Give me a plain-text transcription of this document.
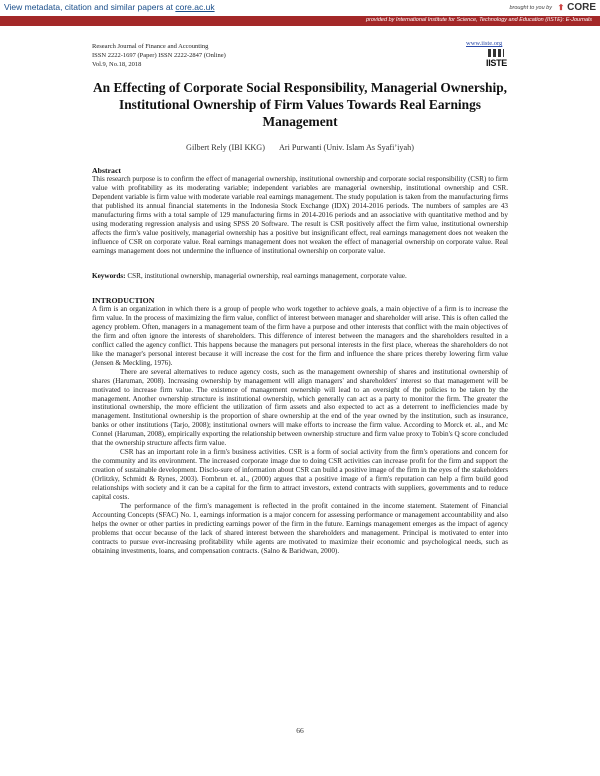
View metadata, citation and similar papers at core.ac.uk	brought to you by ⬆ CORE
provided by International Institute for Science, Technology and Education (IISTE): E-Journals
Research Journal of Finance and Accounting
ISSN 2222-1697 (Paper) ISSN 2222-2847 (Online)
Vol.9, No.18, 2018
www.iiste.org
IISTE
An Effecting of Corporate Social Responsibility, Managerial Ownership, Institutional Ownership of Firm Values Towards Real Earnings Management
Gilbert Rely (IBI KKG) Ari Purwanti (Univ. Islam As Syafi’iyah)
Abstract
This research purpose is to confirm the effect of managerial ownership, institutional ownership and corporate social responsibility (CSR) to firm value with profitability as its moderating variable; independent variables are managerial ownership, institutional ownership and CSR. Dependent variable is firm value with moderate variable real earnings management. The study population is taken from the manufacturing firms that published its annual financial statements in the Indonesia Stock Exchange (IDX) 2014-2016 periods. The numbers of samples are 43 manufacturing firms with a total sample of 129 manufacturing firms in 2014-2016 periods and an associative with quantitative method and by using moderating regression analysis and using SPSS 20 Software. The result is CSR positively affect the firm value, institutional ownership affects the firm's value positively, managerial ownership has a positive but insignificant effect, real earnings management does not weaken the influence of CSR on corporate value. Real earnings management does not weaken the effect of managerial ownership on corporate value. Real earnings management does not undermine the influence of institutional ownership on corporate value.
Keywords: CSR, institutional ownership, managerial ownership, real earnings management, corporate value.
INTRODUCTION

A firm is an organization in which there is a group of people who work together to achieve goals, a main objective of a firm is to increase the firm value. In the process of maximizing the firm value, conflict of interest between manager and shareholder will arise. This is often called the agency problem. Often, managers in a management team of the firm have a purpose and other interests that conflict with the main objectives of the firm and often ignore the interests of shareholders. This difference of interest between the managers and the shareholders resulted in a conflict called the agency conflict. This happens because the managers put personal interests in the first place, whereas the shareholders do not like the manager's personal interest because it will increase the cost for the firm and influence the share prices thereby lowering firm value (Jensen & Meckling, 1976).

There are several alternatives to reduce agency costs, such as the management ownership of shares and institutional ownership of shares (Haruman, 2008). Increasing ownership by management will align managers' and shareholders' interest so that management will be motivated to increase firm value. The existence of management ownership will lead to an oversight of the policies to be taken by the management. Another ownership structure is institutional ownership, which generally can act as a party to monitor the firm. The greater the institutional ownership, the more efficient the utilization of firm assets and also expected to act as a deterrent to inefficiencies made by management. Institutional ownership is the proportion of share ownership at the end of the year owned by the institution, such as insurance, banks or other institutions (Tarjo, 2008); institutional owners will make efforts to increase the firm value. According to Morck et. al., and Mc Connel (Haruman, 2008), empirically exporting the relationship between ownership structure and firm value proxy to Tobin's Q score concluded that the ownership structure affects firm value.

CSR has an important role in a firm's business activities. CSR is a form of social activity from the firm's operations and concern for the community and its environment. The increased corporate image due to doing CSR activities can increase profit for the firm and support the creation of sustainable development. Disclo-sure of information about CSR can build a positive image of the firm in the eyes of the stakeholders (Orlitzky, Schmidt & Rynes, 2003). Fombrun et. al., (2000) argues that a positive image of a firm's reputation can help a firm build good relationships with society and it can be a capital for the firm to attract investors, extend contracts with suppliers, governments and to reduce capital costs.

The performance of the firm's management is reflected in the profit contained in the income statement. Statement of Financial Accounting Concepts (SFAC) No. 1, earnings information is a major concern for assessing performance or management accountability and also helps the owner or other parties in predicting earnings power of the firm in the future. Earnings management emerges as the impact of agency problems that occur because of the lack of shared interest between the shareholders and management. Principal is motivated to enter into contracts to pursue ever-increasing profitability while agents are motivated to maximize their economic and psychological needs, such as obtaining investments, loans, and compensation contracts. (Salno & Baridwan, 2000).

66
